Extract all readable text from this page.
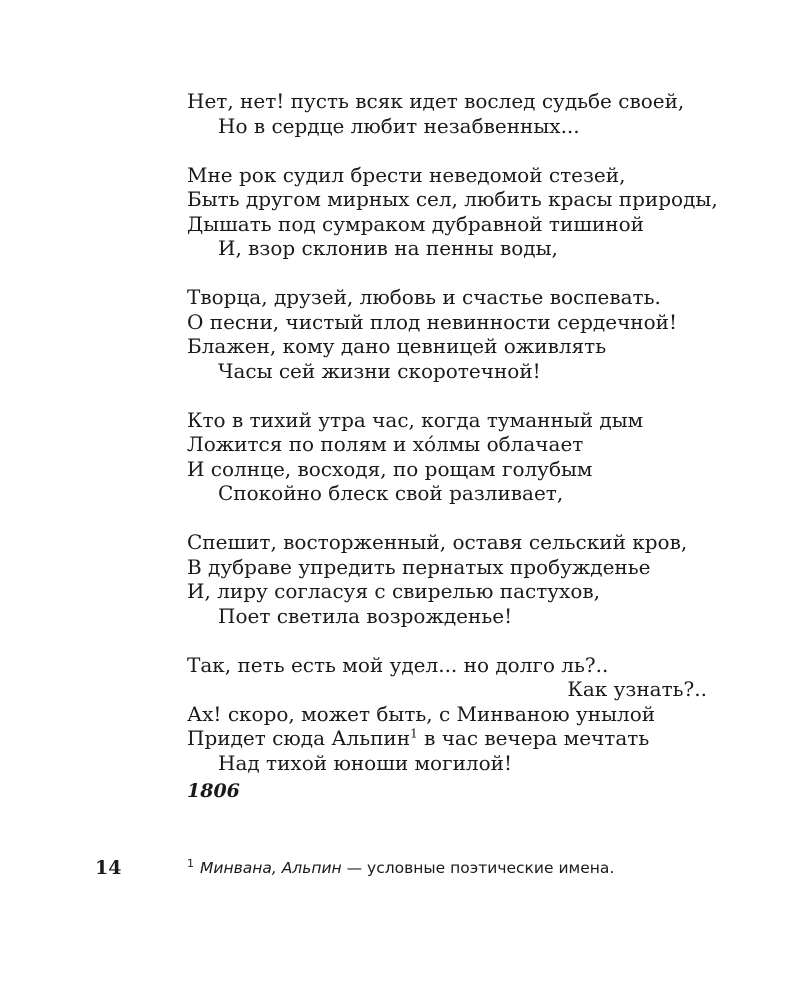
Нет, нет! пусть всяк идет вослед судьбе своей,
Но в сердце любит незабвенных...
Мне рок судил брести неведомой стезей,
Быть другом мирных сел, любить красы природы,
Дышать под сумраком дубравной тишиной
И, взор склонив на пенны воды,
Творца, друзей, любовь и счастье воспевать.
О песни, чистый плод невинности сердечной!
Блажен, кому дано цевницей оживлять
Часы сей жизни скоротечной!
Кто в тихий утра час, когда туманный дым
Ложится по полям и хо́лмы облачает
И солнце, восходя, по рощам голубым
Спокойно блеск свой разливает,
Спешит, восторженный, оставя сельский кров,
В дубраве упредить пернатых пробужденье
И, лиру согласуя с свирелью пастухов,
Поет светила возрожденье!
Так, петь есть мой удел... но долго ль?..
Как узнать?..
Ах! скоро, может быть, с Минваною унылой
Придет сюда Альпин$^1$ в час вечера мечтать
Над тихой юноши могилой!
1806
14	$^1$ Минвана, Альпин — условные поэтические имена.
